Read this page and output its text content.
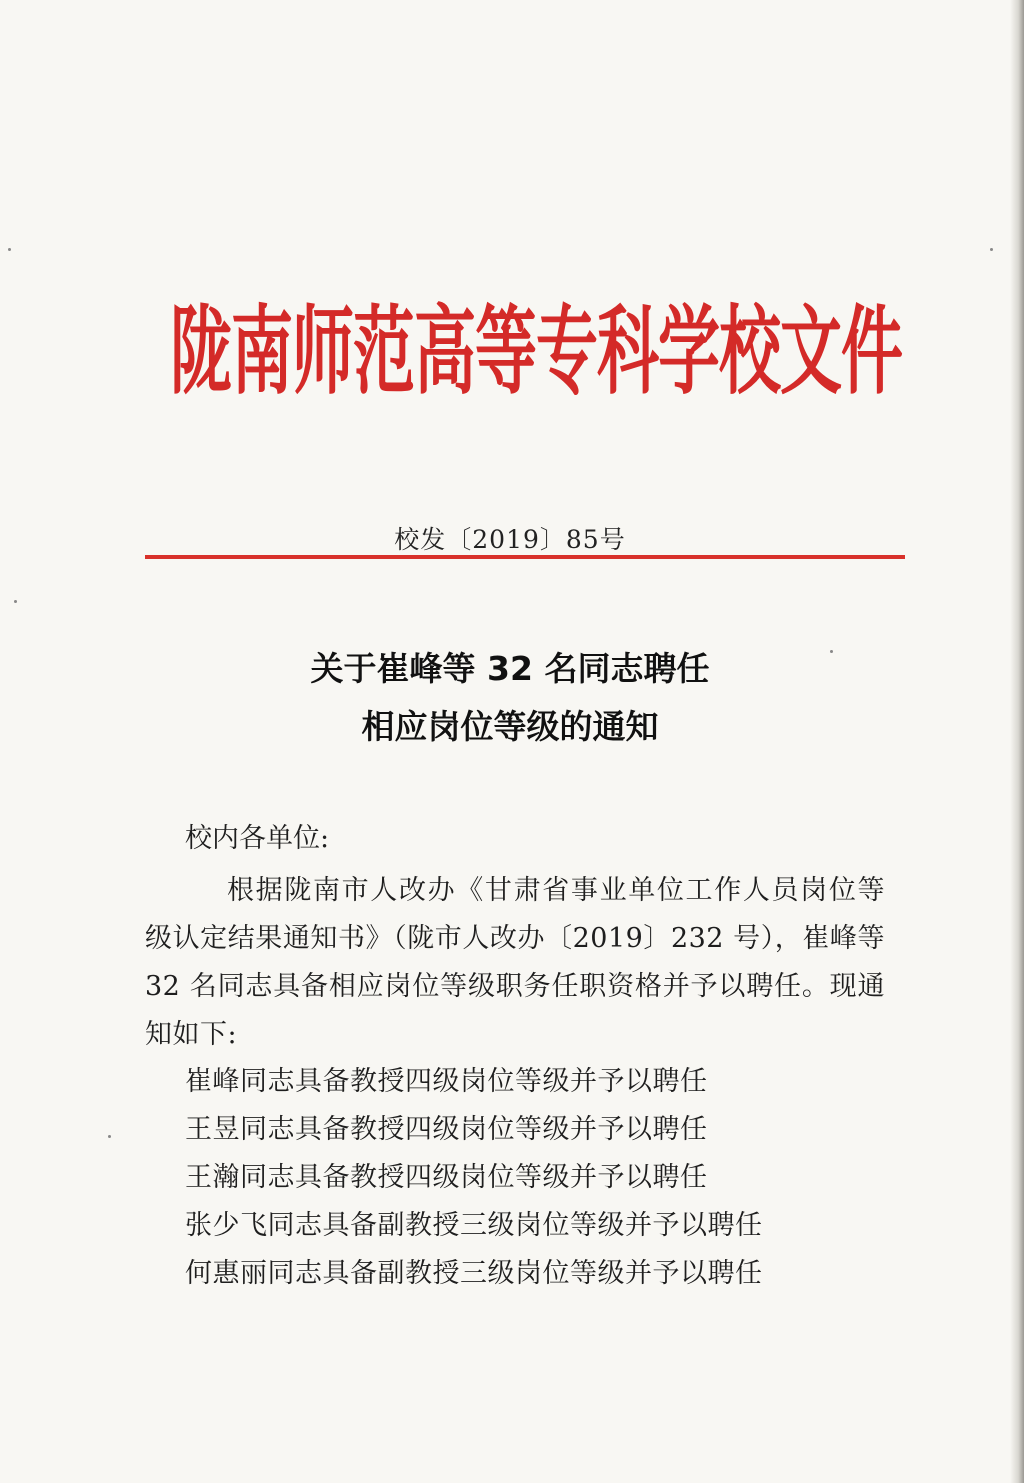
陇南师范高等专科学校文件
校发〔2019〕85号
关于崔峰等 32 名同志聘任
相应岗位等级的通知
校内各单位:

根据陇南市人改办《甘肃省事业单位工作人员岗位等级认定结果通知书》（陇市人改办〔2019〕232 号），崔峰等 32 名同志具备相应岗位等级职务任职资格并予以聘任。现通知如下:

崔峰同志具备教授四级岗位等级并予以聘任
王昱同志具备教授四级岗位等级并予以聘任
王瀚同志具备教授四级岗位等级并予以聘任
张少飞同志具备副教授三级岗位等级并予以聘任
何惠丽同志具备副教授三级岗位等级并予以聘任
